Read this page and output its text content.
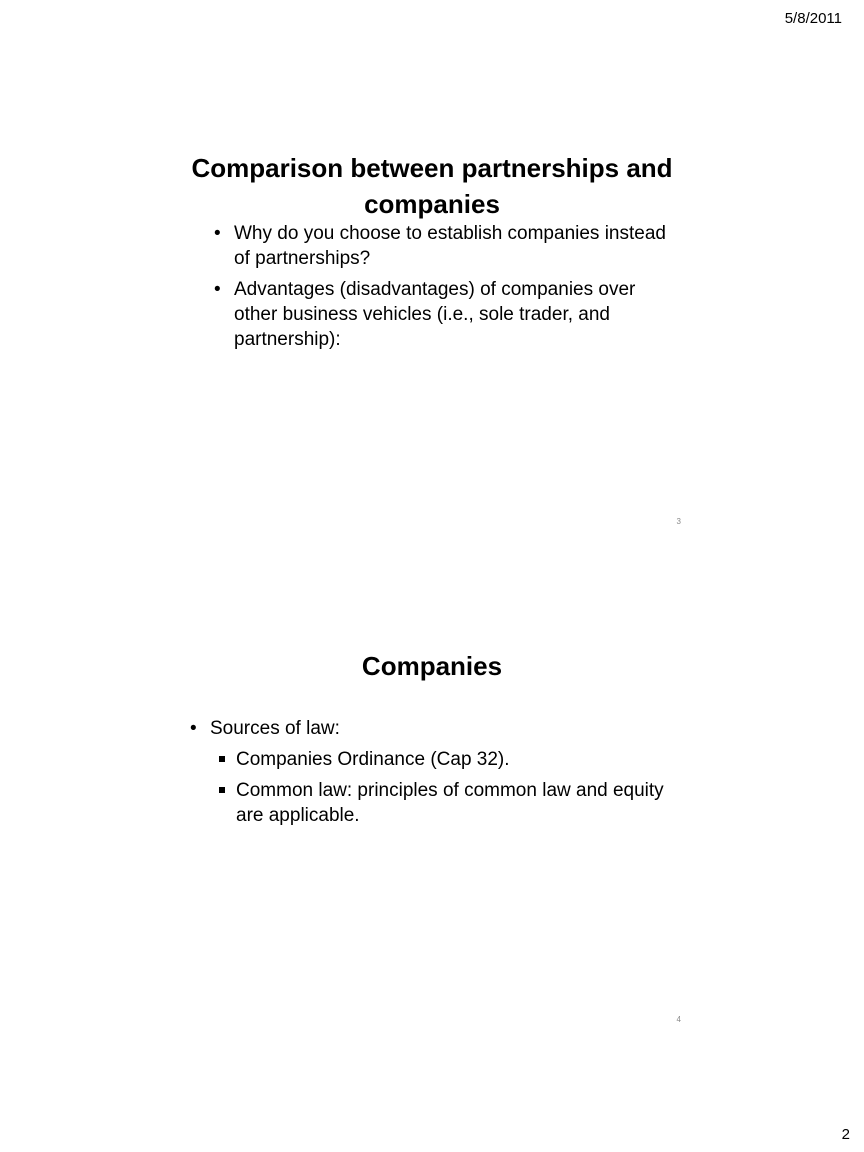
5/8/2011
Comparison between partnerships and companies
• Why do you choose to establish companies instead of partnerships?
• Advantages (disadvantages) of companies over other business vehicles (i.e., sole trader, and partnership):
3
Companies
• Sources of law:
Companies Ordinance (Cap 32).
Common law: principles of common law and equity are applicable.
4
2
